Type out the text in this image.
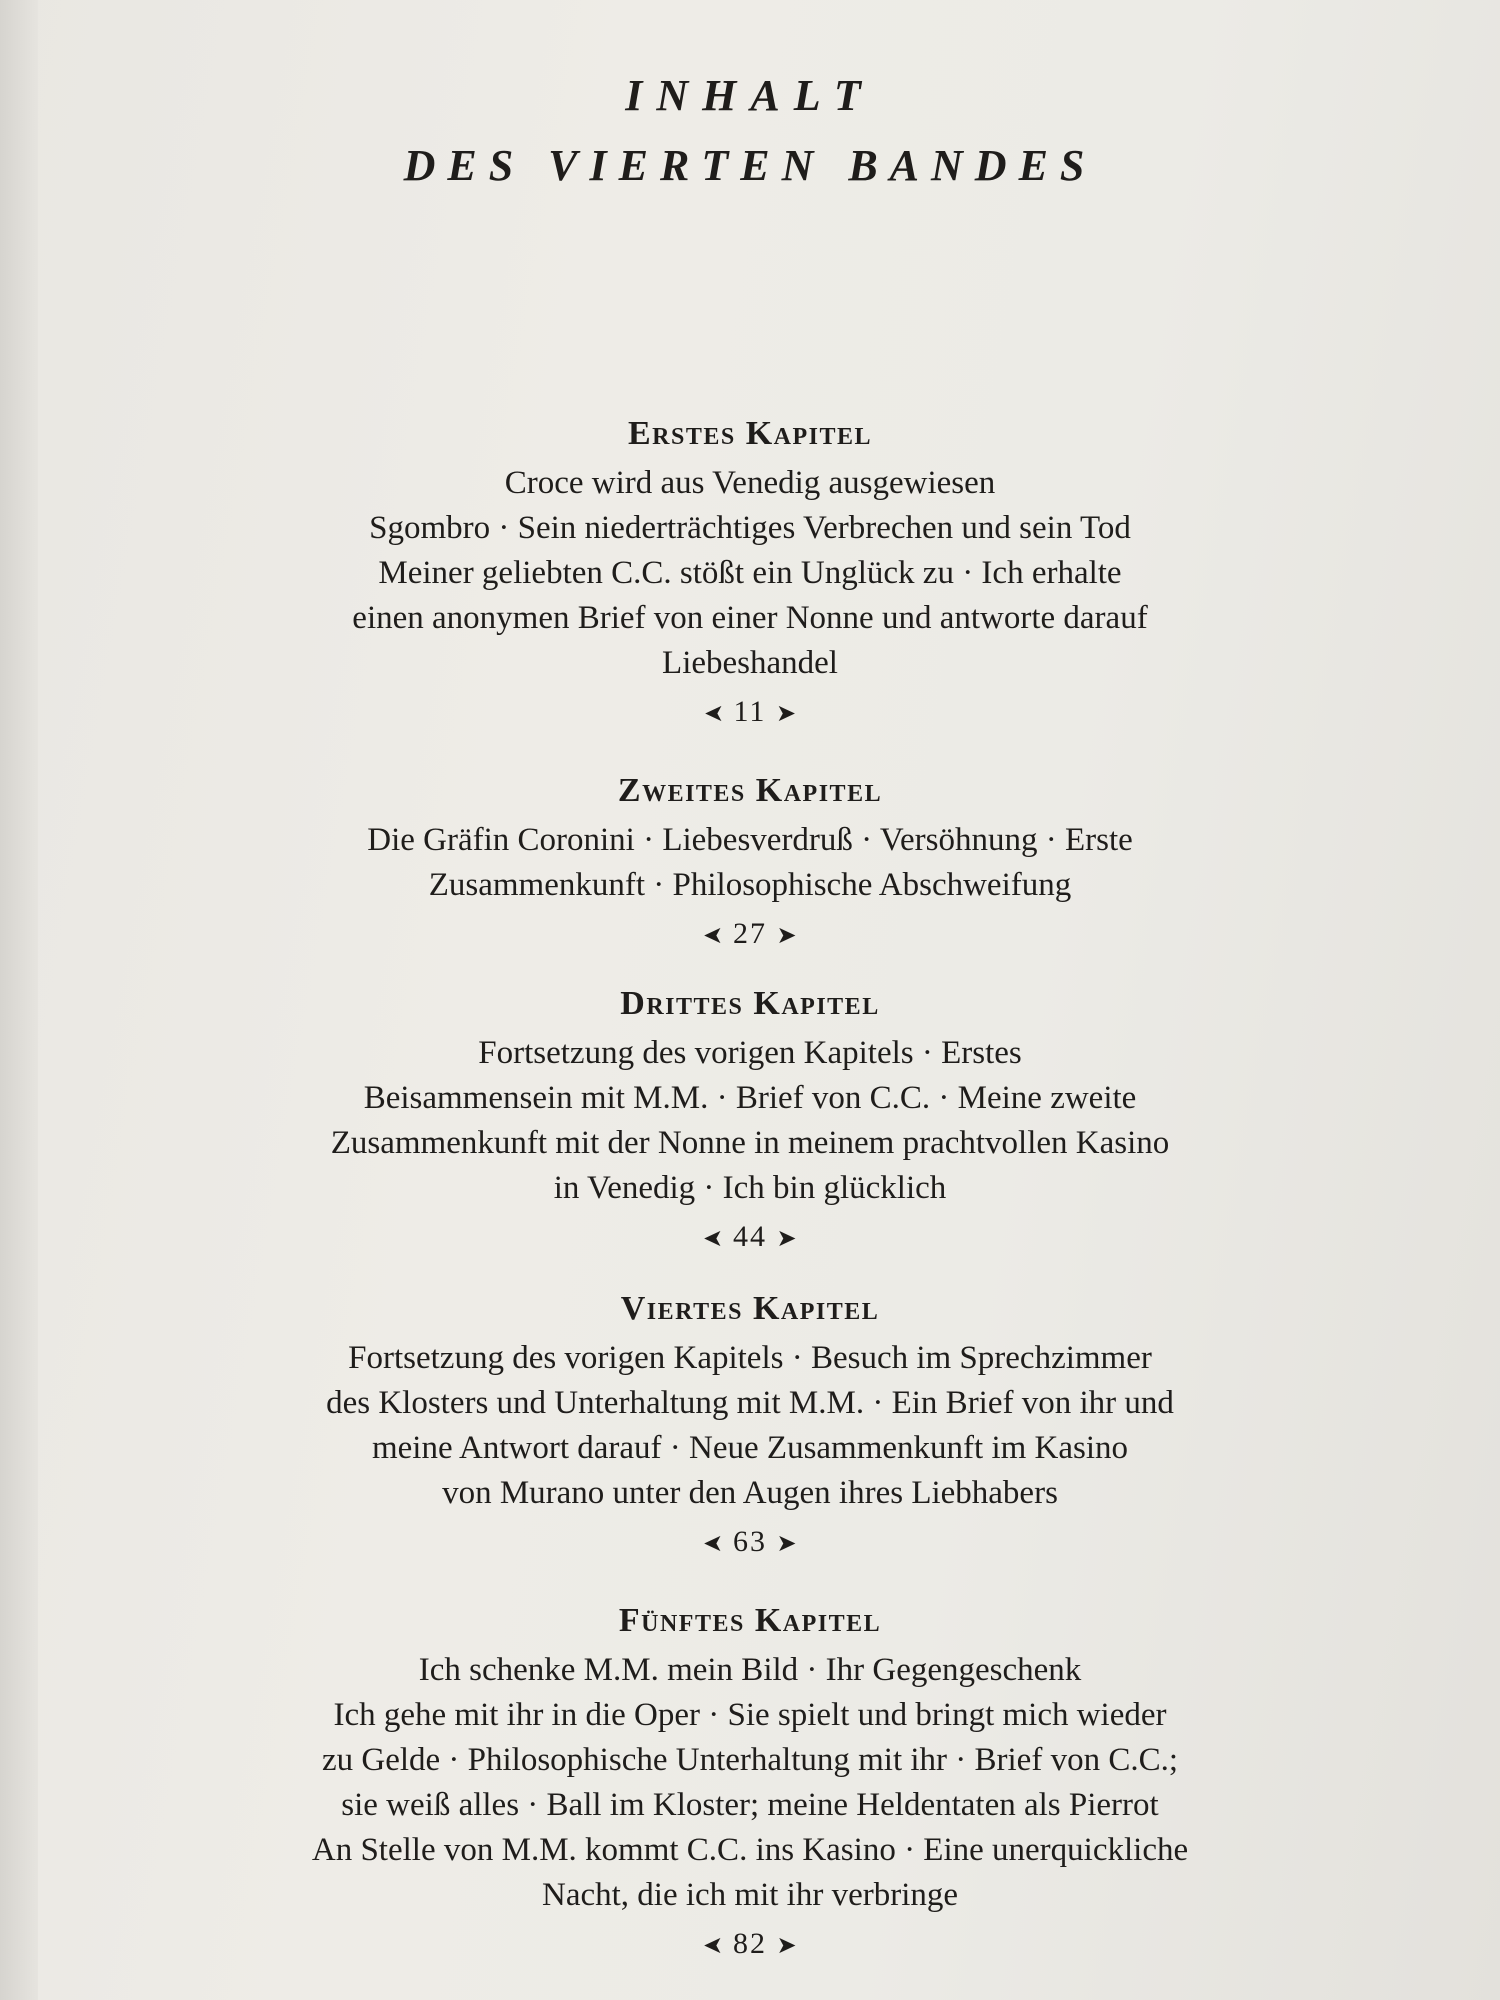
INHALT
DES VIERTEN BANDES
Erstes Kapitel
Croce wird aus Venedig ausgewiesen
Sgombro · Sein niederträchtiges Verbrechen und sein Tod
Meiner geliebten C.C. stößt ein Unglück zu · Ich erhalte
einen anonymen Brief von einer Nonne und antworte darauf
Liebeshandel
➤ 11 ➤
Zweites Kapitel
Die Gräfin Coronini · Liebesverdruß · Versöhnung · Erste
Zusammenkunft · Philosophische Abschweifung
➤ 27 ➤
Drittes Kapitel
Fortsetzung des vorigen Kapitels · Erstes
Beisammensein mit M.M. · Brief von C.C. · Meine zweite
Zusammenkunft mit der Nonne in meinem prachtvollen Kasino
in Venedig · Ich bin glücklich
➤ 44 ➤
Viertes Kapitel
Fortsetzung des vorigen Kapitels · Besuch im Sprechzimmer
des Klosters und Unterhaltung mit M.M. · Ein Brief von ihr und
meine Antwort darauf · Neue Zusammenkunft im Kasino
von Murano unter den Augen ihres Liebhabers
➤ 63 ➤
Fünftes Kapitel
Ich schenke M.M. mein Bild · Ihr Gegengeschenk
Ich gehe mit ihr in die Oper · Sie spielt und bringt mich wieder
zu Gelde · Philosophische Unterhaltung mit ihr · Brief von C.C.;
sie weiß alles · Ball im Kloster; meine Heldentaten als Pierrot
An Stelle von M.M. kommt C.C. ins Kasino · Eine unerquickliche
Nacht, die ich mit ihr verbringe
➤ 82 ➤
